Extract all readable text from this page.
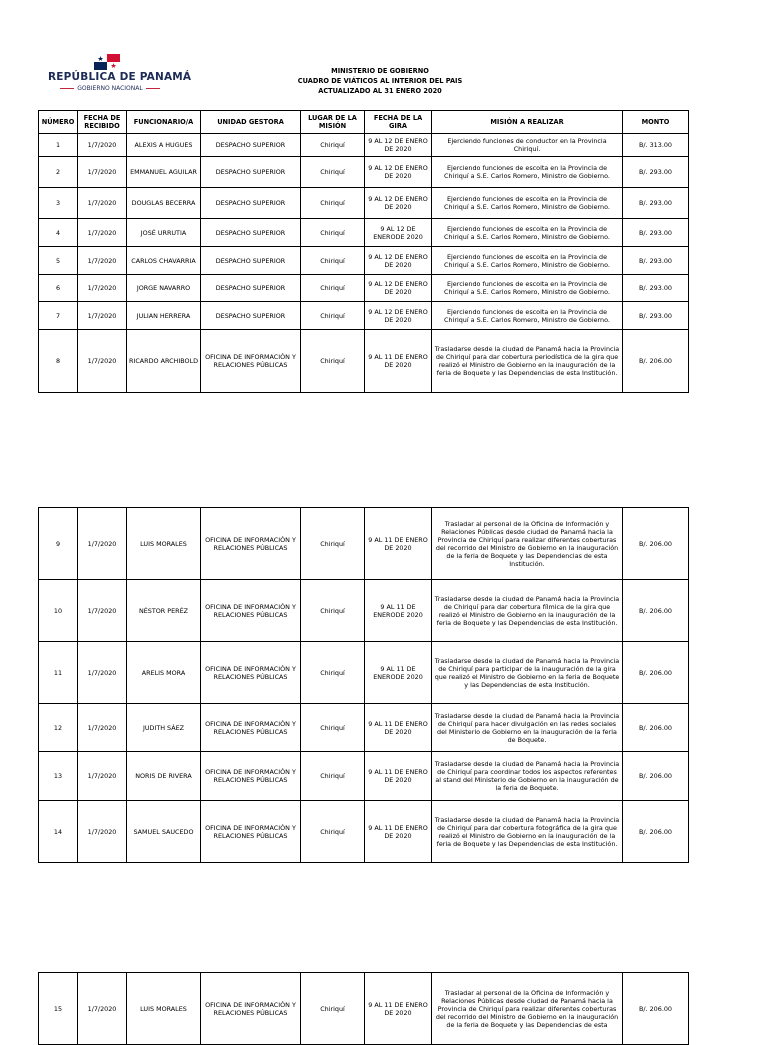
REPÚBLICA DE PANAMÁ
GOBIERNO NACIONAL
MINISTERIO DE GOBIERNO
CUADRO DE VIÁTICOS AL INTERIOR DEL PAIS
ACTUALIZADO AL 31 ENERO 2020
NÚMERO	FECHA DE RECIBIDO	FUNCIONARIO/A	UNIDAD GESTORA	LUGAR DE LA MISIÓN	FECHA DE LA GIRA	MISIÓN A REALIZAR	MONTO
1	1/7/2020	ALEXIS A HUGUES	DESPACHO SUPERIOR	Chiriquí	9 AL 12 DE ENERO DE 2020	Ejerciendo funciones de conductor en la Provincia Chiriquí.	B/. 313.00
2	1/7/2020	EMMANUEL AGUILAR	DESPACHO SUPERIOR	Chiriquí	9 AL 12 DE ENERO DE 2020	Ejerciendo funciones de escolta en la Provincia de Chiriquí a S.E. Carlos Romero, Ministro de Gobierno.	B/. 293.00
3	1/7/2020	DOUGLAS BECERRA	DESPACHO SUPERIOR	Chiriquí	9 AL 12 DE ENERO DE 2020	Ejerciendo funciones de escolta en la Provincia de Chiriquí a S.E. Carlos Romero, Ministro de Gobierno.	B/. 293.00
4	1/7/2020	JOSÉ URRUTIA	DESPACHO SUPERIOR	Chiriquí	9 AL 12 DE ENERODE 2020	Ejerciendo funciones de escolta en la Provincia de Chiriquí a S.E. Carlos Romero, Ministro de Gobierno.	B/. 293.00
5	1/7/2020	CARLOS CHAVARRIA	DESPACHO SUPERIOR	Chiriquí	9 AL 12 DE ENERO DE 2020	Ejerciendo funciones de escolta en la Provincia de Chiriquí a S.E. Carlos Romero, Ministro de Gobierno.	B/. 293.00
6	1/7/2020	JORGE NAVARRO	DESPACHO SUPERIOR	Chiriquí	9 AL 12 DE ENERO DE 2020	Ejerciendo funciones de escolta en la Provincia de Chiriquí a S.E. Carlos Romero, Ministro de Gobierno.	B/. 293.00
7	1/7/2020	JULIAN HERRERA	DESPACHO SUPERIOR	Chiriquí	9 AL 12 DE ENERO DE 2020	Ejerciendo funciones de escolta en la Provincia de Chiriquí a S.E. Carlos Romero, Ministro de Gobierno.	B/. 293.00
8	1/7/2020	RICARDO ARCHIBOLD	OFICINA DE INFORMACIÓN Y RELACIONES PÚBLICAS	Chiriquí	9 AL 11 DE ENERO DE 2020	Trasladarse desde la ciudad de Panamá hacia la Provincia de Chiriquí para dar cobertura periodística de la gira que realizó el Ministro de Gobierno en la inauguración de la feria de Boquete y las Dependencias de esta Institución.	B/. 206.00
9	1/7/2020	LUIS MORALES	OFICINA DE INFORMACIÓN Y RELACIONES PÚBLICAS	Chiriquí	9 AL 11 DE ENERO DE 2020	Trasladar al personal de la Oficina de Información y Relaciones Públicas desde ciudad de Panamá hacia la Provincia de Chiriquí para realizar diferentes coberturas del recorrido del Ministro de Gobierno en la inauguración de la feria de Boquete y las Dependencias de esta Institución.	B/. 206.00
10	1/7/2020	NÉSTOR PERÉZ	OFICINA DE INFORMACIÓN Y RELACIONES PÚBLICAS	Chiriquí	9 AL 11 DE ENERODE 2020	Trasladarse desde la ciudad de Panamá hacia la Provincia de Chiriquí para dar cobertura fílmica de la gira que realizó el Ministro de Gobierno en la inauguración de la feria de Boquete y las Dependencias de esta Institución.	B/. 206.00
11	1/7/2020	ARELIS MORA	OFICINA DE INFORMACIÓN Y RELACIONES PÚBLICAS	Chiriquí	9 AL 11 DE ENERODE 2020	Trasladarse desde la ciudad de Panamá hacia la Provincia de Chiriquí para participar de la inauguración de la gira que realizó el Ministro de Gobierno en la feria de Boquete y las Dependencias de esta Institución.	B/. 206.00
12	1/7/2020	JUDITH SÁEZ	OFICINA DE INFORMACIÓN Y RELACIONES PÚBLICAS	Chiriquí	9 AL 11 DE ENERO DE 2020	Trasladarse desde la ciudad de Panamá hacia la Provincia de Chiriquí para hacer divulgación en las redes sociales del Ministerio de Gobierno en la inauguración de la feria de Boquete.	B/. 206.00
13	1/7/2020	NORIS DE RIVERA	OFICINA DE INFORMACIÓN Y RELACIONES PÚBLICAS	Chiriquí	9 AL 11 DE ENERO DE 2020	Trasladarse desde la ciudad de Panamá hacia la Provincia de Chiriquí para coordinar todos los aspectos referentes al stand del Ministerio de Gobierno en la inauguración de la feria de Boquete.	B/. 206.00
14	1/7/2020	SAMUEL SAUCEDO	OFICINA DE INFORMACIÓN Y RELACIONES PÚBLICAS	Chiriquí	9 AL 11 DE ENERO DE 2020	Trasladarse desde la ciudad de Panamá hacia la Provincia de Chiriquí para dar cobertura fotográfica de la gira que realizó el Ministro de Gobierno en la inauguración de la feria de Boquete y las Dependencias de esta Institución.	B/. 206.00
15	1/7/2020	LUIS MORALES	OFICINA DE INFORMACIÓN Y RELACIONES PÚBLICAS	Chiriquí	9 AL 11 DE ENERO DE 2020	Trasladar al personal de la Oficina de Información y Relaciones Públicas desde ciudad de Panamá hacia la Provincia de Chiriquí para realizar diferentes coberturas del recorrido del Ministro de Gobierno en la inauguración de la feria de Boquete y las Dependencias de esta	B/. 206.00
